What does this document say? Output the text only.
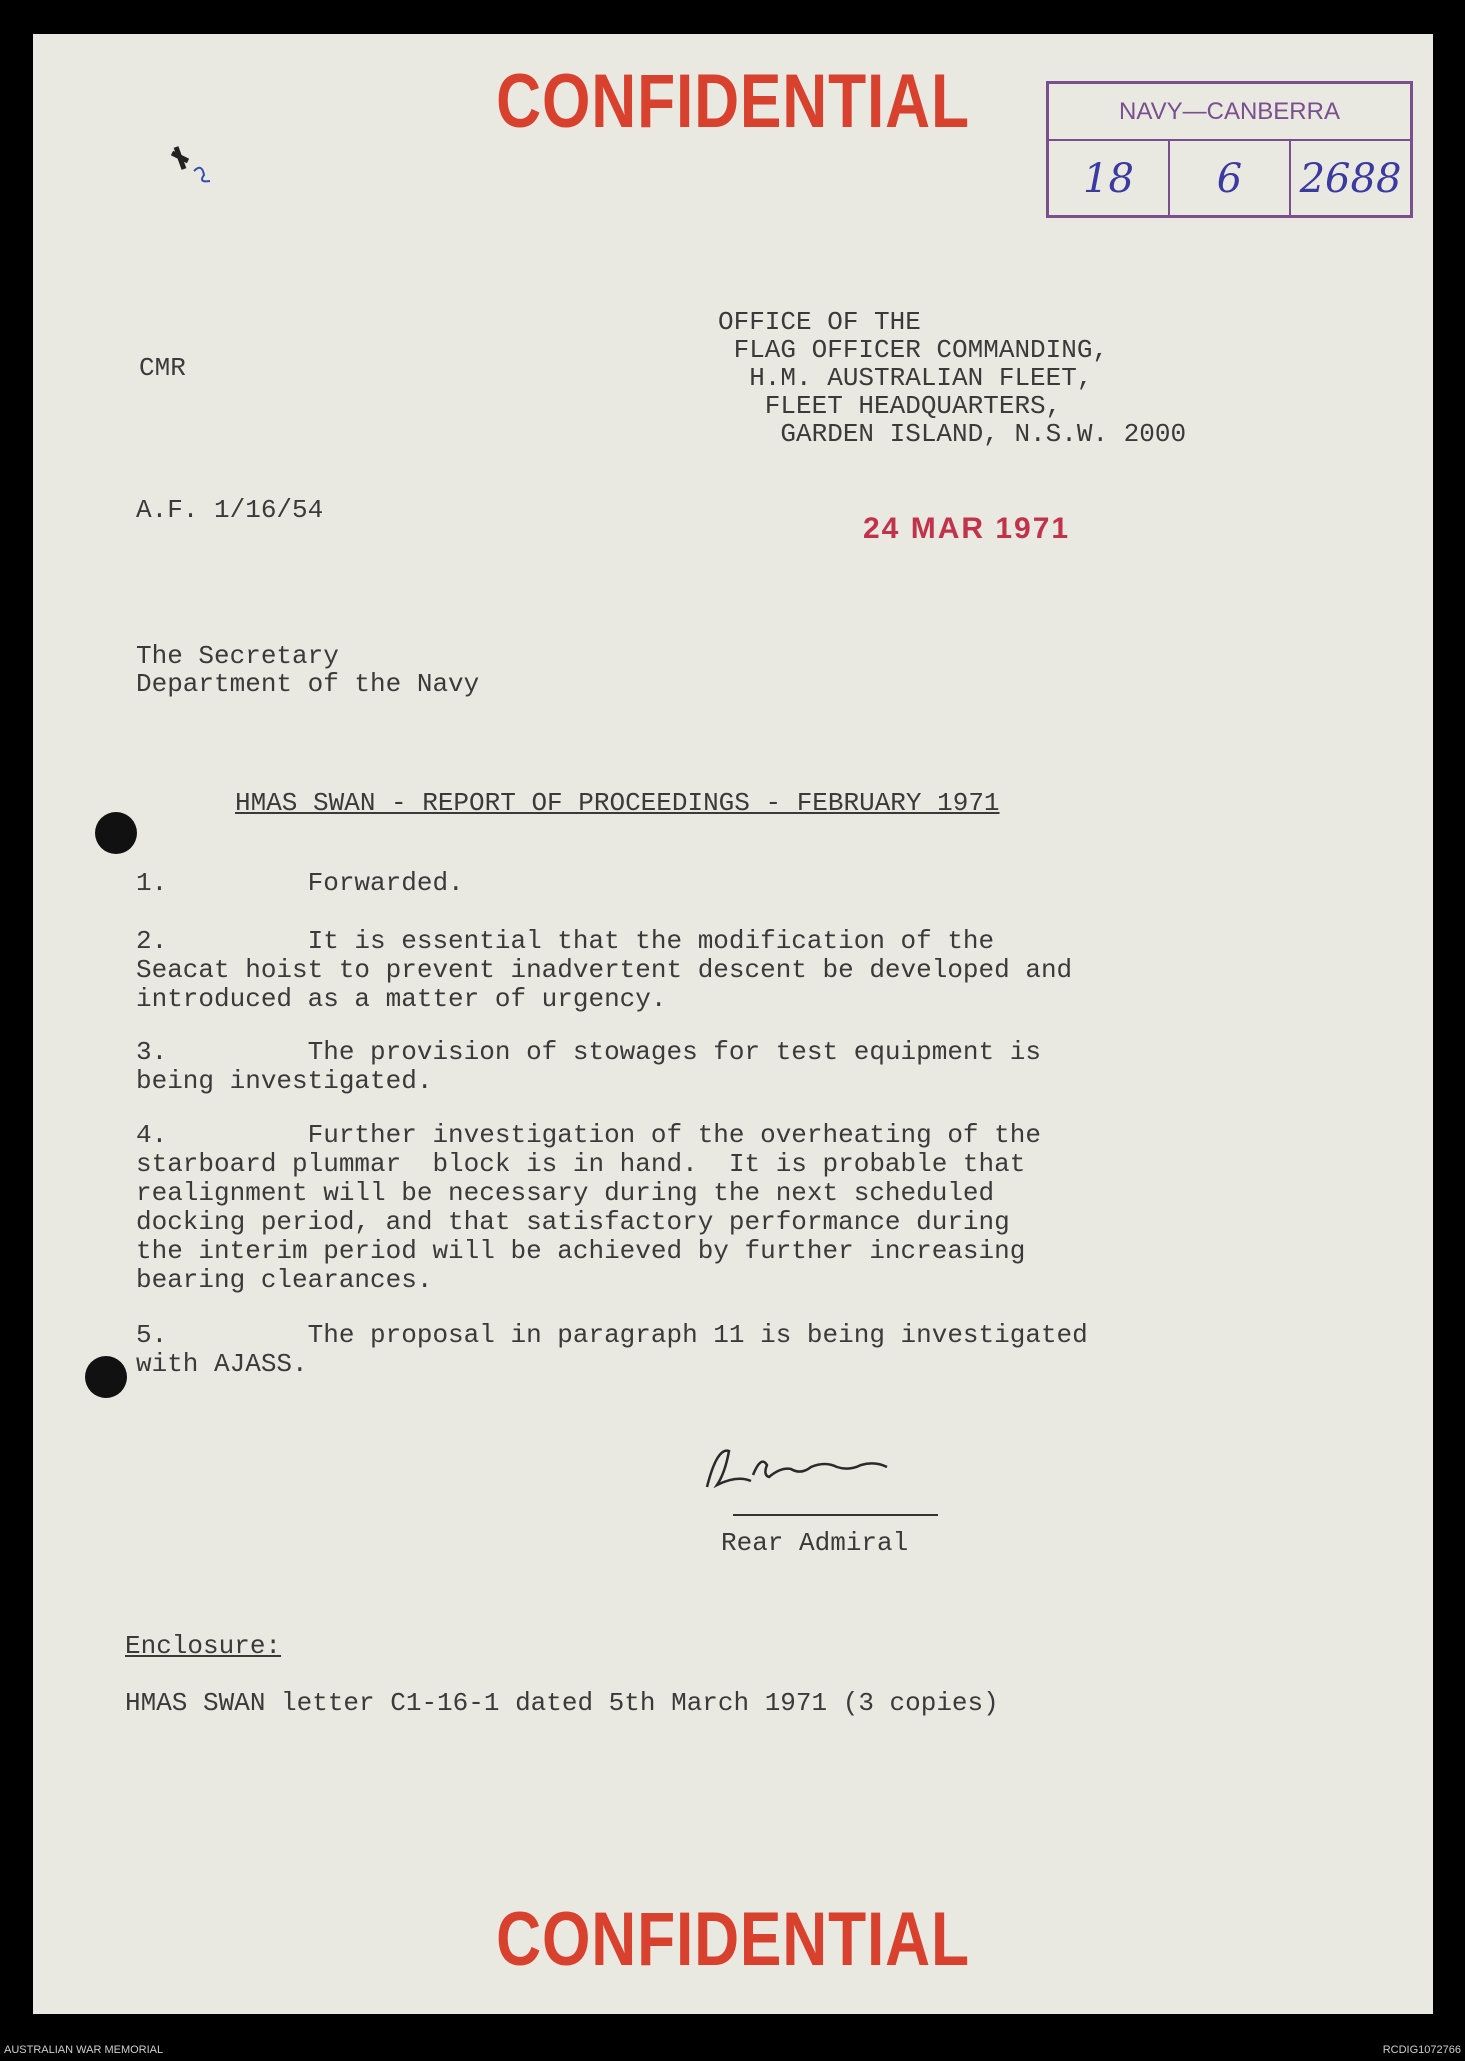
CONFIDENTIAL	NAVY—CANBERRA
18	6	2688
CMR
OFFICE OF THE
FLAG OFFICER COMMANDING,
H.M. AUSTRALIAN FLEET,
FLEET HEADQUARTERS,
GARDEN ISLAND, N.S.W. 2000
A.F. 1/16/54
24 MAR 1971
The Secretary
Department of the Navy
HMAS SWAN - REPORT OF PROCEEDINGS - FEBRUARY 1971
1.         Forwarded.
2.         It is essential that the modification of the
Seacat hoist to prevent inadvertent descent be developed and
introduced as a matter of urgency.
3.         The provision of stowages for test equipment is
being investigated.
4.         Further investigation of the overheating of the
starboard plummar  block is in hand.  It is probable that
realignment will be necessary during the next scheduled
docking period, and that satisfactory performance during
the interim period will be achieved by further increasing
bearing clearances.
5.         The proposal in paragraph 11 is being investigated
with AJASS.
Rear Admiral
Enclosure:
HMAS SWAN letter C1-16-1 dated 5th March 1971 (3 copies)
CONFIDENTIAL
AUSTRALIAN WAR MEMORIAL	RCDIG1072766
